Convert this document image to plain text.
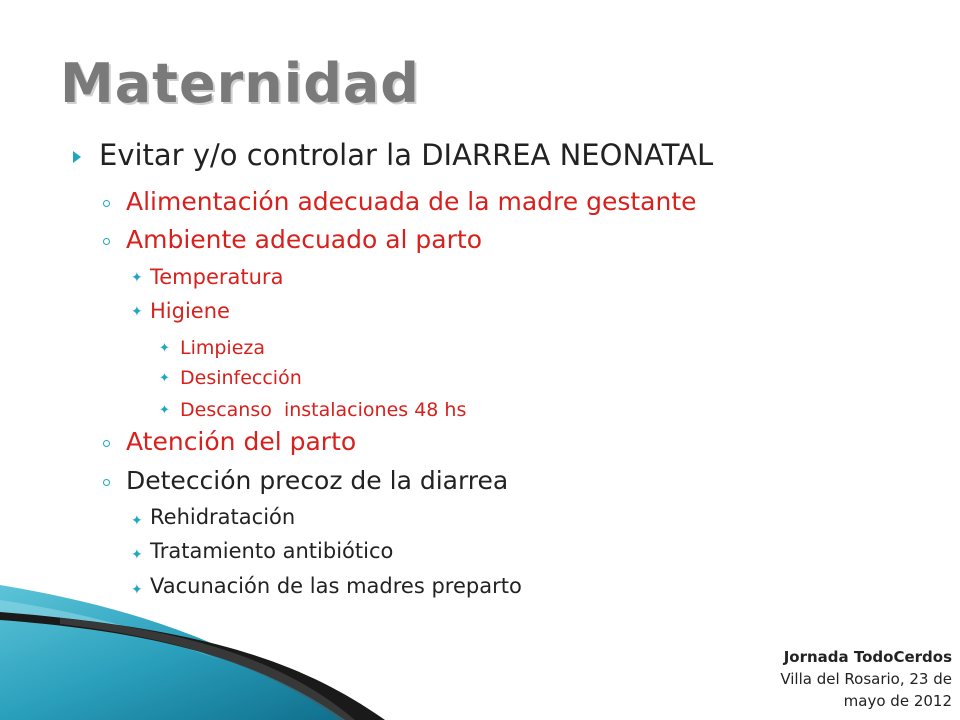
Maternidad
Evitar y/o controlar la DIARREA NEONATAL
Alimentación adecuada de la madre gestante
Ambiente adecuado al parto
✦ Temperatura
✦ Higiene
✦ Limpieza
✦ Desinfección
✦ Descanso  instalaciones 48 hs
Atención del parto
Detección precoz de la diarrea
✦ Rehidratación
✦ Tratamiento antibiótico
✦ Vacunación de las madres preparto
Jornada TodoCerdos
Villa del Rosario, 23 de
mayo de 2012
